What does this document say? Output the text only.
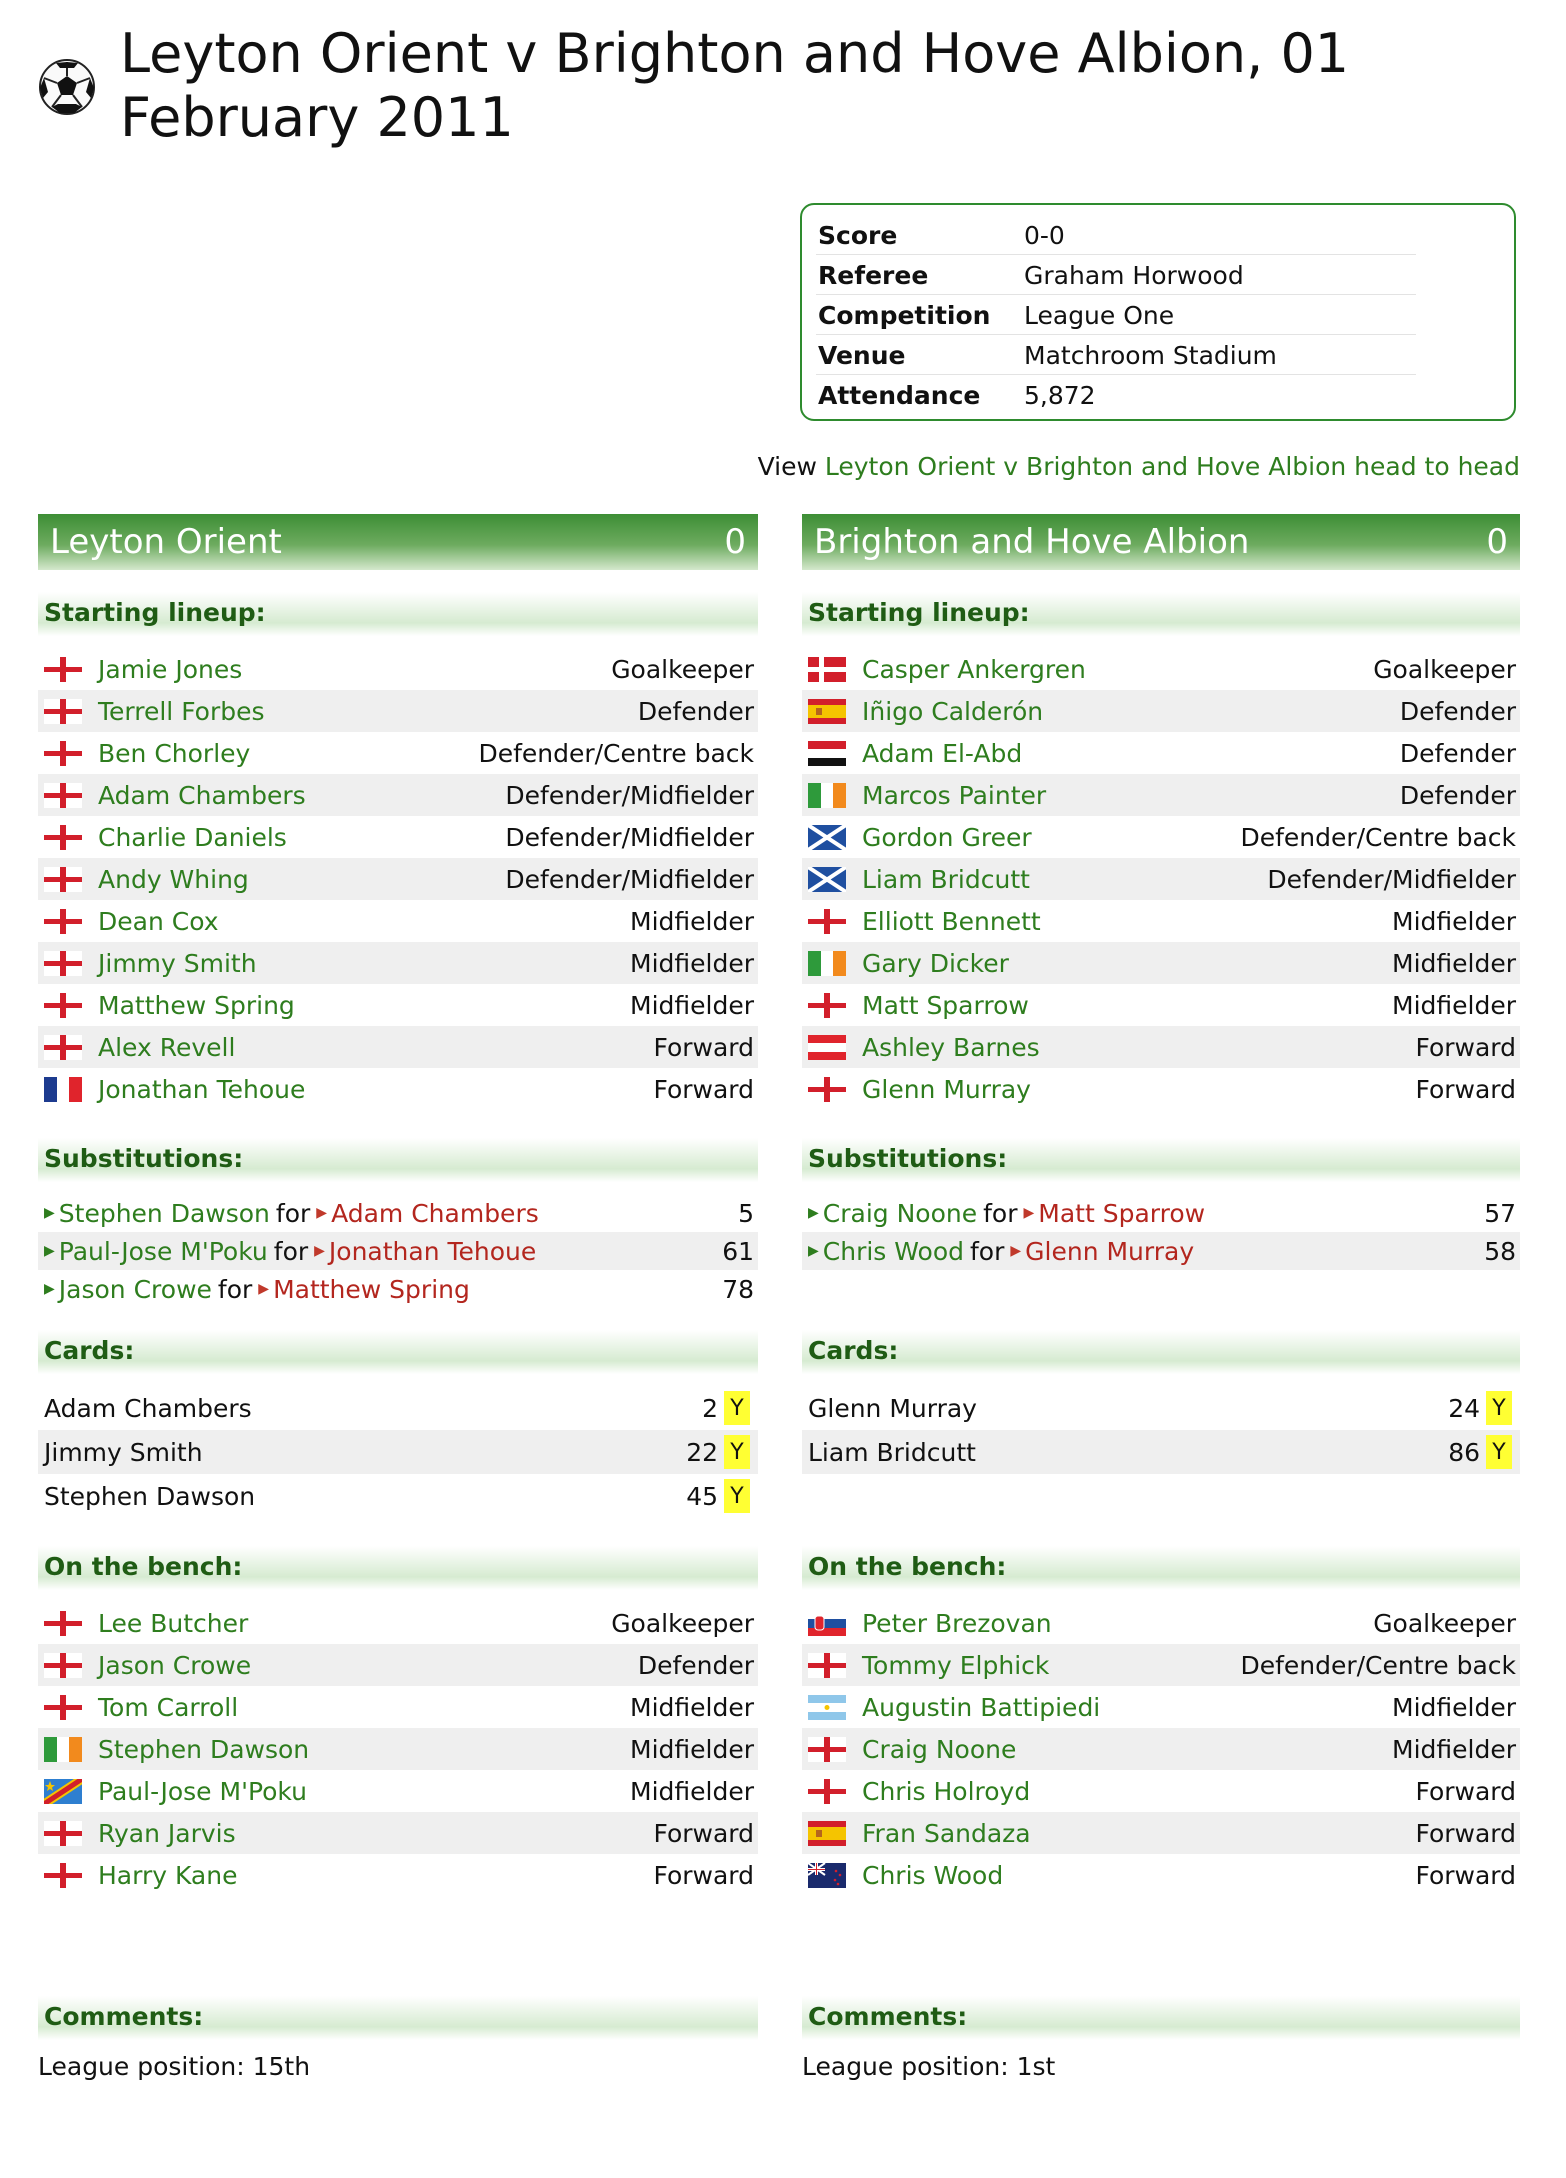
Leyton Orient v Brighton and Hove Albion, 01 February 2011
Score	0-0
Referee	Graham Horwood
Competition	League One
Venue	Matchroom Stadium
Attendance	5,872
View Leyton Orient v Brighton and Hove Albion head to head
Leyton Orient	0
Starting lineup:
Jamie Jones	Goalkeeper
Terrell Forbes	Defender
Ben Chorley	Defender/Centre back
Adam Chambers	Defender/Midfielder
Charlie Daniels	Defender/Midfielder
Andy Whing	Defender/Midfielder
Dean Cox	Midfielder
Jimmy Smith	Midfielder
Matthew Spring	Midfielder
Alex Revell	Forward
Jonathan Tehoue	Forward
Substitutions:
▶ Stephen Dawson for ▶ Adam Chambers	5
▶ Paul-Jose M'Poku for ▶ Jonathan Tehoue	61
▶ Jason Crowe for ▶ Matthew Spring	78
Cards:
Adam Chambers	2 Y
Jimmy Smith	22 Y
Stephen Dawson	45 Y
On the bench:
Lee Butcher	Goalkeeper
Jason Crowe	Defender
Tom Carroll	Midfielder
Stephen Dawson	Midfielder
Paul-Jose M'Poku	Midfielder
Ryan Jarvis	Forward
Harry Kane	Forward
Comments:
League position: 15th
Brighton and Hove Albion	0
Starting lineup:
Casper Ankergren	Goalkeeper
Iñigo Calderón	Defender
Adam El-Abd	Defender
Marcos Painter	Defender
Gordon Greer	Defender/Centre back
Liam Bridcutt	Defender/Midfielder
Elliott Bennett	Midfielder
Gary Dicker	Midfielder
Matt Sparrow	Midfielder
Ashley Barnes	Forward
Glenn Murray	Forward
Substitutions:
▶ Craig Noone for ▶ Matt Sparrow	57
▶ Chris Wood for ▶ Glenn Murray	58
Cards:
Glenn Murray	24 Y
Liam Bridcutt	86 Y
On the bench:
Peter Brezovan	Goalkeeper
Tommy Elphick	Defender/Centre back
Augustin Battipiedi	Midfielder
Craig Noone	Midfielder
Chris Holroyd	Forward
Fran Sandaza	Forward
Chris Wood	Forward
Comments:
League position: 1st
